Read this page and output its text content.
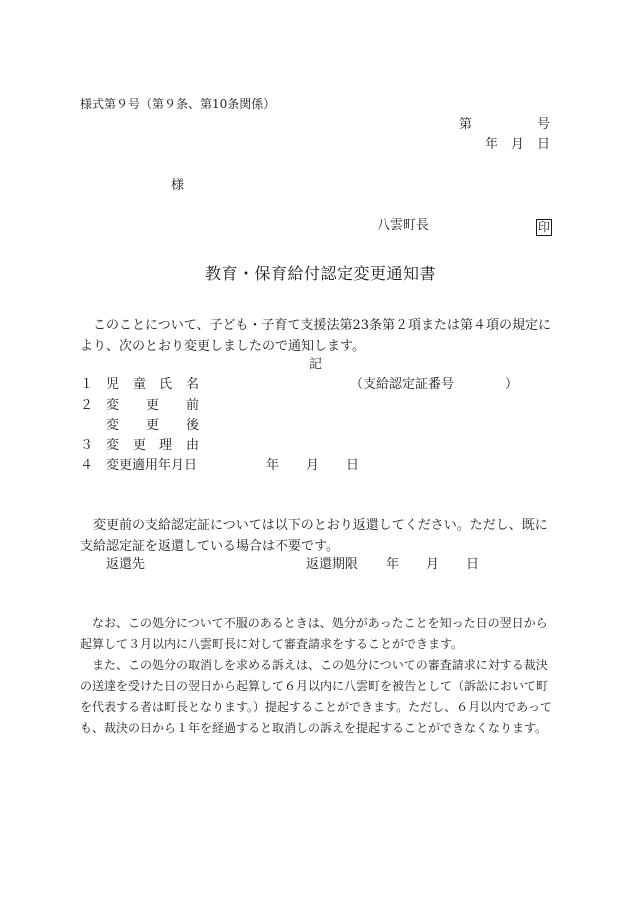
様式第９号（第９条、第10条関係）
第	号
年 月 日
様
八雲町長	印
教育・保育給付認定変更通知書
このことについて、子ども・子育て支援法第23条第２項または第４項の規定により、次のとおり変更しましたので通知します。
記
１ 児 童 氏 名	（支給認定証番号	）
２ 変 更 前
変 更 後
３ 変 更 理 由
４ 変更適用年月日	年 月 日
変更前の支給認定証については以下のとおり返還してください。ただし、既に支給認定証を返還している場合は不要です。
返還先	返還期限 年 月 日
なお、この処分について不服のあるときは、処分があったことを知った日の翌日から起算して３月以内に八雲町長に対して審査請求をすることができます。
また、この処分の取消しを求める訴えは、この処分についての審査請求に対する裁決の送達を受けた日の翌日から起算して６月以内に八雲町を被告として（訴訟において町を代表する者は町長となります。）提起することができます。ただし、６月以内であっても、裁決の日から１年を経過すると取消しの訴えを提起することができなくなります。
